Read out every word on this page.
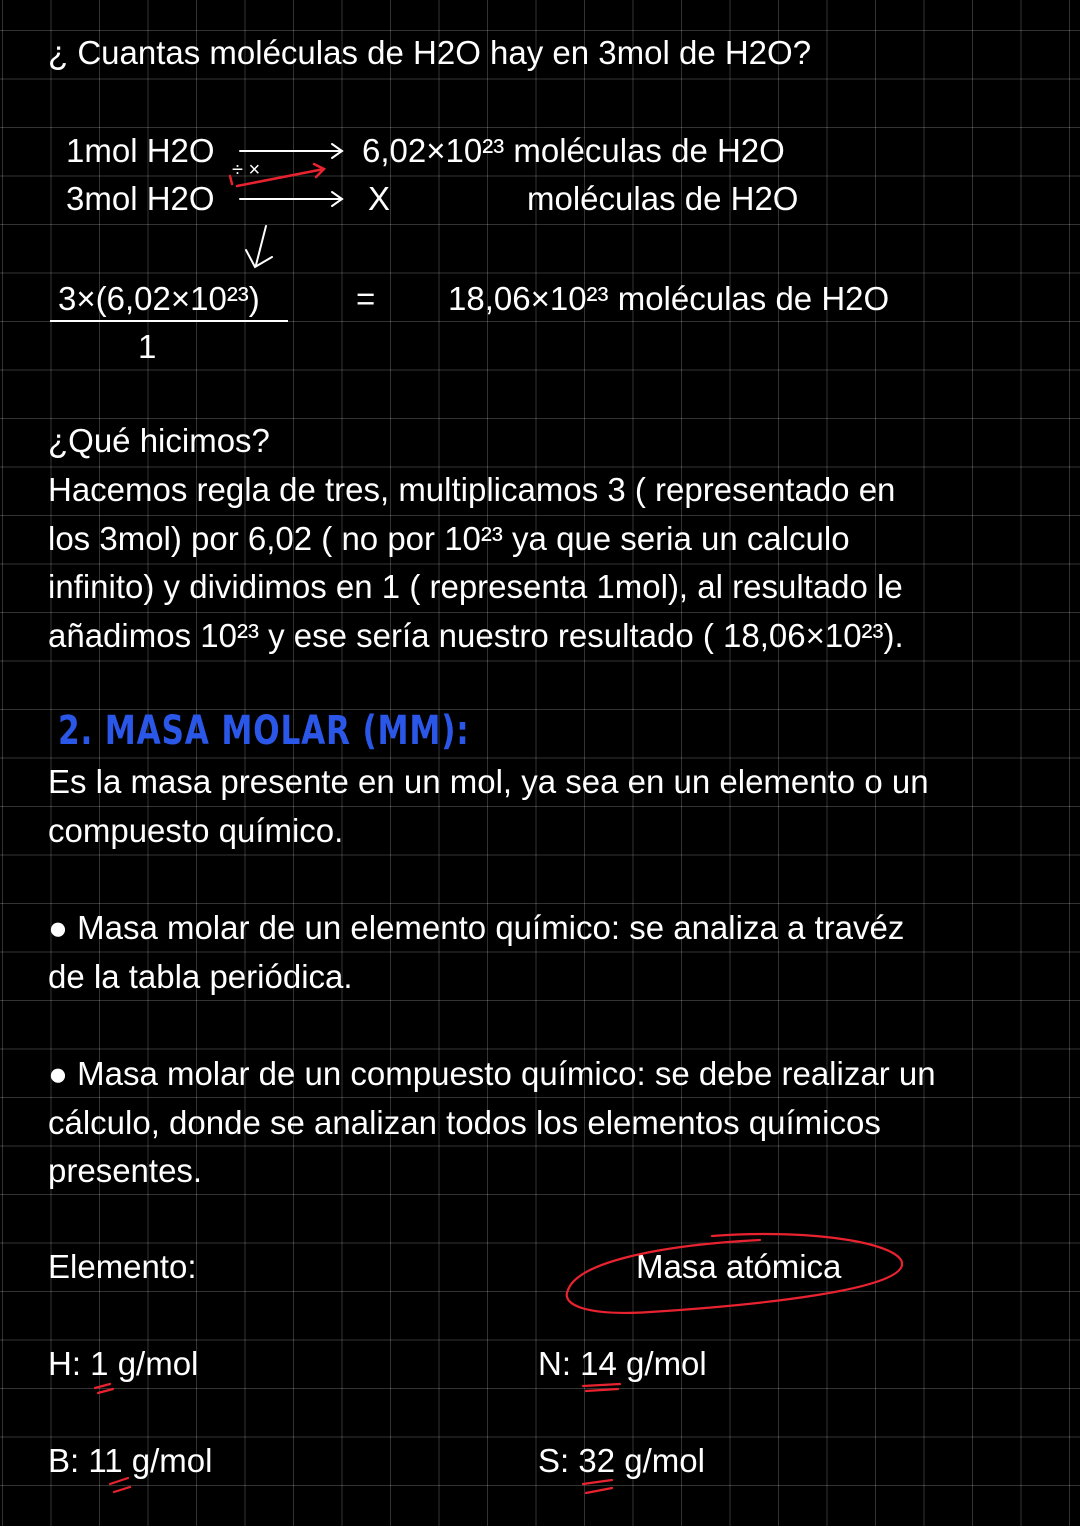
¿ Cuantas moléculas de H2O hay en 3mol de H2O?
1mol H2O	6,02×10²³ moléculas de H2O
3mol H2O	X	moléculas de H2O
÷ ×
3×(6,02×10²³)
1
= 18,06×10²³ moléculas de H2O
¿Qué hicimos?
Hacemos regla de tres, multiplicamos 3 ( representado en
los 3mol) por 6,02 ( no por 10²³ ya que seria un calculo
infinito) y dividimos en 1 ( representa 1mol), al resultado le
añadimos 10²³ y ese sería nuestro resultado ( 18,06×10²³).
2. MASA MOLAR (MM):
Es la masa presente en un mol, ya sea en un elemento o un
compuesto químico.
● Masa molar de un elemento químico: se analiza a travéz
de la tabla periódica.
● Masa molar de un compuesto químico: se debe realizar un
cálculo, donde se analizan todos los elementos químicos
presentes.
Elemento:	Masa atómica
H: 1 g/mol	N: 14 g/mol
B: 11 g/mol	S: 32 g/mol
